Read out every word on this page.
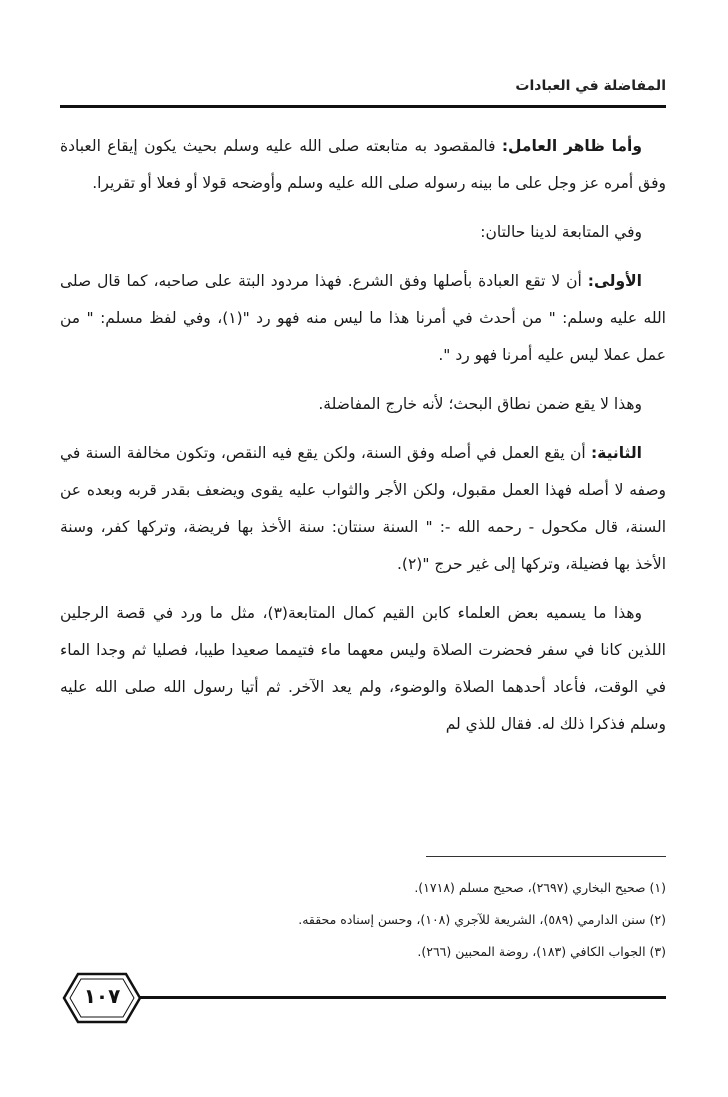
المفاضلة في العبادات

وأما ظاهر العامل: فالمقصود به متابعته صلى الله عليه وسلم بحيث يكون إيقاع العبادة وفق أمره عز وجل على ما بينه رسوله صلى الله عليه وسلم وأوضحه قولا أو فعلا أو تقريرا.

وفي المتابعة لدينا حالتان:

الأولى: أن لا تقع العبادة بأصلها وفق الشرع. فهذا مردود البتة على صاحبه، كما قال صلى الله عليه وسلم: " من أحدث في أمرنا هذا ما ليس منه فهو رد "(١)، وفي لفظ مسلم: " من عمل عملا ليس عليه أمرنا فهو رد ".

وهذا لا يقع ضمن نطاق البحث؛ لأنه خارج المفاضلة.

الثانية: أن يقع العمل في أصله وفق السنة، ولكن يقع فيه النقص، وتكون مخالفة السنة في وصفه لا أصله فهذا العمل مقبول، ولكن الأجر والثواب عليه يقوى ويضعف بقدر قربه وبعده عن السنة، قال مكحول - رحمه الله -: " السنة سنتان: سنة الأخذ بها فريضة، وتركها كفر، وسنة الأخذ بها فضيلة، وتركها إلى غير حرج "(٢).

وهذا ما يسميه بعض العلماء كابن القيم كمال المتابعة(٣)، مثل ما ورد في قصة الرجلين اللذين كانا في سفر فحضرت الصلاة وليس معهما ماء فتيمما صعيدا طيبا، فصليا ثم وجدا الماء في الوقت، فأعاد أحدهما الصلاة والوضوء، ولم يعد الآخر. ثم أتيا رسول الله صلى الله عليه وسلم فذكرا ذلك له. فقال للذي لم

(١) صحيح البخاري (٢٦٩٧)، صحيح مسلم (١٧١٨).
(٢) سنن الدارمي (٥٨٩)، الشريعة للآجري (١٠٨)، وحسن إسناده محققه.
(٣) الجواب الكافي (١٨٣)، روضة المحبين (٢٦٦).
١٠٧
